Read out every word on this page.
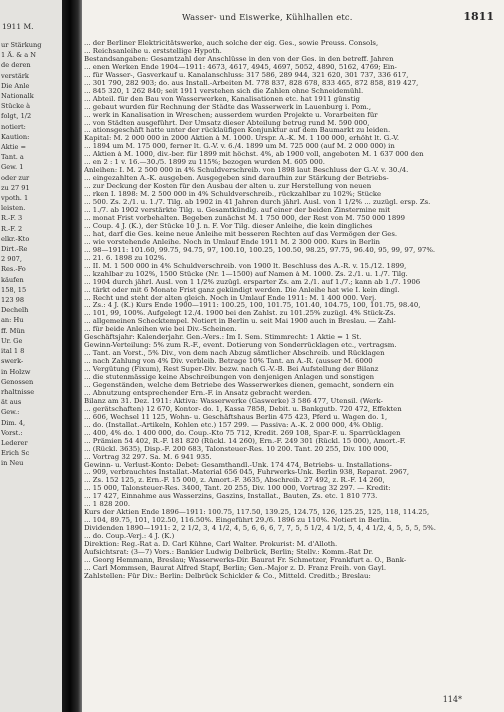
1911 M.
ur Stärkung
1 Ä. & a N
de deren
verstärk
Die Anle
Nationalk
Stücke à
folgt, 1/2
notiert:
Kaution:
Aktie =
Tant. a
Gew. 1
oder zur
zu 27 91
vpoth. 1
leisten.
R.-F. 3
R.-F. 2
elkr.-Kto
Dirt.-Re
2 907,
Res.-Fo
käufen
158, 15
123 98
Dechelh
an: Hu
ff. Mün
Ur. Ge
ital 1 8
swerk-
in Holzw
Genossen
rhaltnisse
ät aus
Gew.:
Dim. 4,
Vorst.:
Lederer
Erich Sc
in Neu
Wasser- und Eiswerke, Kühlhallen etc.	1811
... der Berliner Elektricitätswerke, auch solche der eig. Ges., sowie Preuss. Consols,
... Reichsanleihe u. erststellige Hypoth.
Bestandsangaben: Gesamtzahl der Anschlüsse in den von der Ges. in den betreff. Jahren
... enen Werken Ende 1904—1911: 4673, 4617, 4945, 4697, 5052, 4890, 5162, 4769; Ein-
... für Wasser-, Gasverkauf u. Kanalanschluss: 317 586, 289 944, 321 620, 301 737, 336 617,
... 301 790, 282 903; do. aus Install.-Arbeiten M. 778 837, 828 678, 833 465, 872 858, 819 427,
... 845 320, 1 262 840; seit 1911 verstehen sich die Zahlen ohne Schneidemühl.
... Abteil. für den Bau von Wasserwerken, Kanalisationen etc. hat 1911 günstig
... gebaut wurden für Rechnung der Städte das Wasserwerk in Lauenburg i. Pom.,
... werk in Kanalisation in Wreschen; ausserdem wurden Projekte u. Vorarbeiten für
... von Städten ausgeführt. Der Umsatz dieser Abteilung betrug rund M. 590 000,
... ationsgeschäft hatte unter der rücklaüfigen Konjunktur auf dem Baumarkt zu leiden.
Kapital: M. 2 000 000 in 2000 Aktien à M. 1000. Urspr. A.-K. M. 1 100 000, erhöht lt. G.-V.
... 1894 um M. 175 000, ferner lt. G.-V. v. 6./4. 1899 um M. 725 000 (auf M. 2 000 000) in
... Aktien à M. 1000, div.-ber. für 1899 mit höchst. 4%, ab 1900 voll, angeboten M. 1 637 000 den
... en 2 : 1 v. 16.—30./5. 1899 zu 115%; bezogen wurden M. 605 000.
Anleihen: I. M. 2 500 000 in 4% Schuldverschreib. von 1898 laut Beschluss der G.-V. v. 30./4.
... eingezahlten A.-K. ausgeben. Ausgegeben sind daraufhin zur Stärkung der Betriebs-
... zur Deckung der Kosten für den Ausbau der alten u. zur Herstellung von neuen
... rken I. 1898: M. 2 500 000 in 4% Schuldverschreib., rückzahlbar zu 102%; Stücke
... 500. Zs. 2./1. u. 1./7. Tilg. ab 1902 in 41 Jahren durch jährl. Ausl. von 1 1/2% ... zuzügl. ersp. Zs.
... 1./7. ab 1902 verstärkte Tilg. u. Gesamtkündig. auf einer der beiden Zinstermine mit
... monat Frist vorbehalten. Begeben zunächst M. 1 750 000, der Rest von M. 750 000 1899
... Coup. 4 J. (K.), der Stücke 10 J. n. F. Vor Tilg. dieser Anleihe, die kein dingliches
... hat, darf die Ges. keine neue Anleihe mit besseren Rechten auf das Vermögen der Ges.
... wie vorstehende Anleihe. Noch in Umlauf Ende 1911 M. 2 300 000. Kurs in Berlin
... 98—1911: 101.60, 99.75, 94.75, 97, 100.10, 100.25, 100.50, 98.25, 97.75, 96.40, 95, 99, 97, 97%.
... 21. 6. 1898 zu 102%.
... II. M. 1 500 000 in 4% Schuldverschreib. von 1900 lt. Beschluss des A.-R. v. 15./12. 1899,
... kzahlbar zu 102%, 1500 Stücke (Nr. 1—1500) auf Namen à M. 1000. Zs. 2./1. u. 1./7. Tilg.
... 1904 durch jährl. Ausl. von 1 1/2% zuzügl. ersparter Zs. am 2./1. auf 1./7.; kann ab 1./7. 1906
... tärkt oder mit 6 Monate Frist ganz gekündigt werden. Die Anleihe hat wie I. kein dingl.
... Recht und steht der alten gleich. Noch in Umlauf Ende 1911: M. 1 400 000. Verj.
... Zs.: 4 J. (K.) Kurs Ende 1900—1911: 100.25, 100, 101.75, 101.40, 104.75, 100, 101.75, 98.40,
... 101, 99, 100%. Aufgelegt 12./4. 1900 bei den Zahlst. zu 101.25% zuzügl. 4% Stück-Zs.
... allgemeinen Schecktempel. Notiert in Berlin u. seit Mai 1900 auch in Breslau. — Zahl-
... für beide Anleihen wie bei Div.-Scheinen.
Geschäftsjahr: Kalenderjahr. Gen.-Vers.: Im I. Sem. Stimmrecht: 1 Aktie = 1 St.
Gewinn-Verteilung: 5% zum R.-F., event. Dotierung von Sonderrücklagen etc., vertragsm.
... Tant. an Vorst., 5% Div., von dem nach Abzug sämtlicher Abschreib. und Rücklagen
... nach Zahlung von 4% Div. verbleib. Betrage 10% Tant. an A.-R. (ausser M. 6000
... Vergütung (Fixum), Rest Super-Div. bezw. nach G.-V.-B. Bei Aufstellung der Bilanz
... die stutenmässige keine Abschreibungen von denjenigen Anlagen und sonstigen
... Gegenständen, welche dem Betriebe des Wasserwerkes dienen, gemacht, sondern ein
... Abnutzung entsprechender Ern.-F. in Ansatz gebracht werden.
Bilanz am 31. Dez. 1911: Aktiva: Wasserwerke (Gaswerke) 3 586 477, Utensil. (Werk-
... gerätschaften) 12 670, Kontor- do. 1, Kassa 7858, Debit. u. Bankgutb. 720 472, Effekten
... 606, Wechsel 11 125, Wohn- u. Geschäftshaus Berlin 475 423, Pferd u. Wagen do. 1,
... do. (Installat.-Artikeln, Kohlen etc.) 157 299. — Passiva: A.-K. 2 000 000, 4% Oblig.
... 400, 4% do. 1 400 000, do. Coup.-Kto 75 712, Kredit. 269 108, Spar-F. u. Sparrücklagen
... Prämien 54 402, R.-F. 181 820 (Rückl. 14 260), Ern.-F. 249 301 (Rückl. 15 000), Amort.-F.
... (Rückl. 3635), Disp.-F. 200 683, Talonsteuer-Res. 10 200. Tant. 20 255, Div. 100 000,
... Vortrag 32 297. Sa. M. 6 941 935.
Gewinn- u. Verlust-Konto: Debet: Gesamthandl.-Unk. 174 474, Betriebs- u. Installations-
... 909, verbrauchtes Installat.-Material 656 045, Fuhrwerks-Unk. Berlin 938, Reparat. 2967,
... Zs. 152 125, z. Ern.-F. 15 000, z. Amort.-F. 3635, Abschreib. 27 492, z. R.-F. 14 260,
... 15 000, Talonsteuer-Res. 3400, Tant. 20 255, Div. 100 000, Vortrag 32 297. — Kredit:
... 17 427, Einnahme aus Wasserzins, Gaszins, Installat., Bauten, Zs. etc. 1 810 773.
... 1 828 200.
Kurs der Aktien Ende 1896—1911: 100.75, 117.50, 139.25, 124.75, 126, 125.25, 125, 118, 114.25,
... 104, 89.75, 101, 102.50, 116.50%. Eingeführt 29./6. 1896 zu 110%. Notiert in Berlin.
Dividenden 1890—1911: 2, 2 1/2, 3, 4 1/2, 4, 5, 6, 6, 6, 7, 7, 5, 5 1/2, 4 1/2, 5, 4, 4 1/2, 4, 5, 5, 5, 5%.
... do. Coup.-Verj.: 4 J. (K.)
Direktion: Reg.-Rat a. D. Carl Kühne, Carl Walter. Prokurist: M. d'Alloth.
Aufsichtsrat: (3—7) Vors.: Bankier Ludwig Delbrück, Berlin; Stellv.: Komm.-Rat Dr.
... Georg Hemmann, Breslau; Wasserwerks-Dir. Baurat Fr. Schmetzer, Frankfurt a. O., Bank-
... Carl Mommsen, Baurat Alfred Stapf, Berlin; Gen.-Major z. D. Franz Freih. von Gayl.
Zahlstellen: Für Div.: Berlin: Delbrück Schickler & Co., Mitteld. Creditb.; Breslau:
114*
